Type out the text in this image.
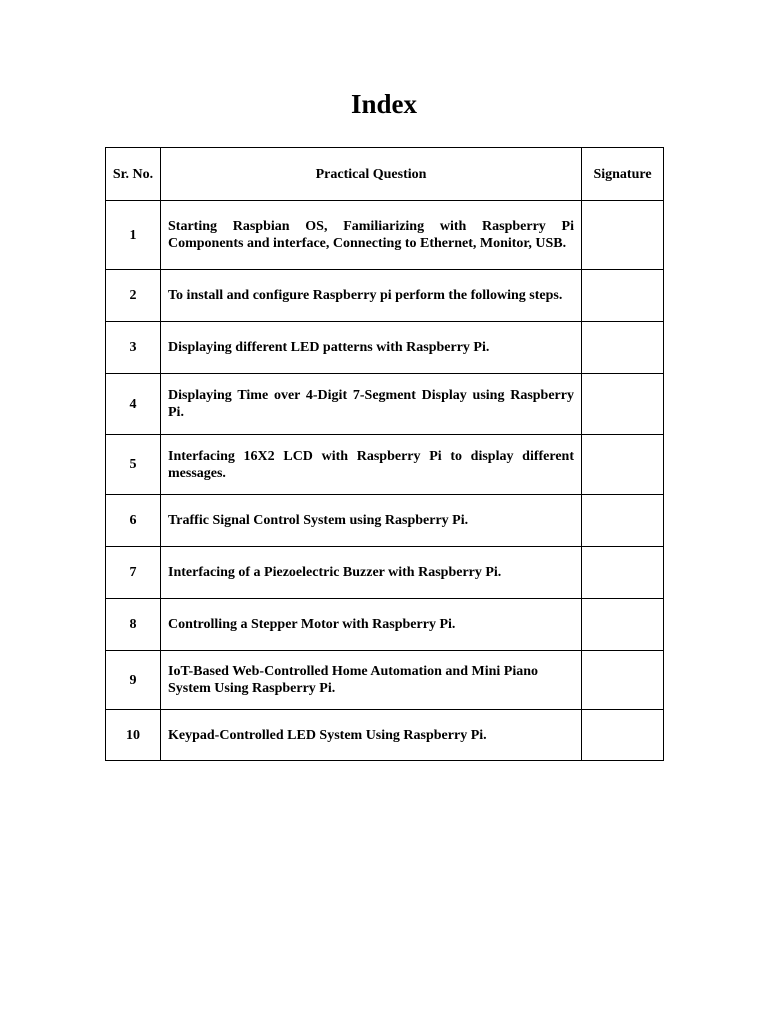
Index
Sr. No.	Practical Question	Signature
1	Starting Raspbian OS, Familiarizing with Raspberry Pi Components and interface, Connecting to Ethernet, Monitor, USB.	
2	To install and configure Raspberry pi perform the following steps.	
3	Displaying different LED patterns with Raspberry Pi.	
4	Displaying Time over 4-Digit 7-Segment Display using Raspberry Pi.	
5	Interfacing 16X2 LCD with Raspberry Pi to display different messages.	
6	Traffic Signal Control System using Raspberry Pi.	
7	Interfacing of a Piezoelectric Buzzer with Raspberry Pi.	
8	Controlling a Stepper Motor with Raspberry Pi.	
9	IoT-Based Web-Controlled Home Automation and Mini Piano System Using Raspberry Pi.	
10	Keypad-Controlled LED System Using Raspberry Pi.	
